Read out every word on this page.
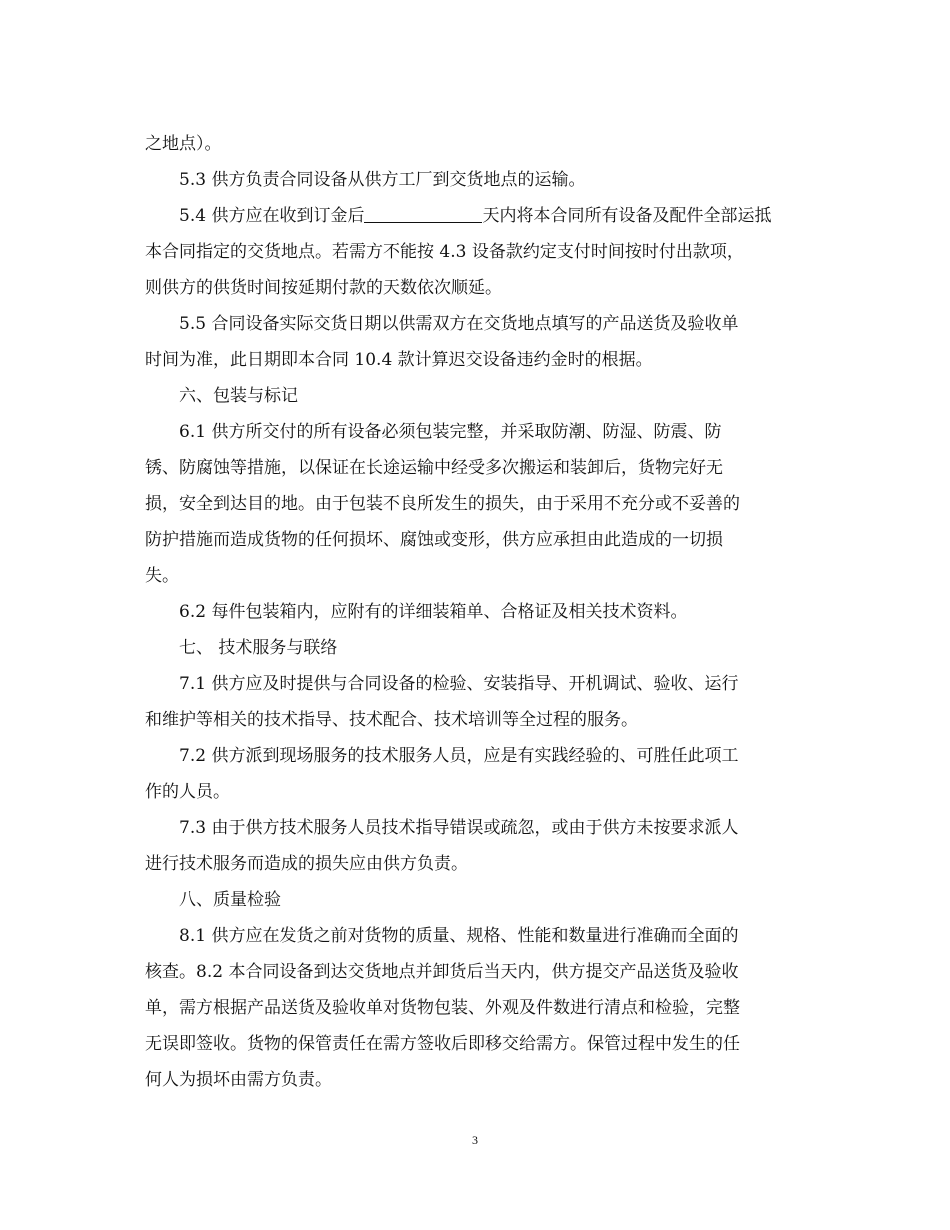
之地点）。
5.3 供方负责合同设备从供方工厂到交货地点的运输。
5.4 供方应在收到订金后	天内将本合同所有设备及配件全部运抵
本合同指定的交货地点。若需方不能按 4.3 设备款约定支付时间按时付出款项，
则供方的供货时间按延期付款的天数依次顺延。
5.5 合同设备实际交货日期以供需双方在交货地点填写的产品送货及验收单
时间为准，此日期即本合同 10.4 款计算迟交设备违约金时的根据。
六、包装与标记
6.1 供方所交付的所有设备必须包装完整，并采取防潮、防湿、防震、防
锈、防腐蚀等措施，以保证在长途运输中经受多次搬运和装卸后，货物完好无
损，安全到达目的地。由于包装不良所发生的损失，由于采用不充分或不妥善的
防护措施而造成货物的任何损坏、腐蚀或变形，供方应承担由此造成的一切损
失。
6.2 每件包装箱内，应附有的详细装箱单、合格证及相关技术资料。
七、 技术服务与联络
7.1 供方应及时提供与合同设备的检验、安装指导、开机调试、验收、运行
和维护等相关的技术指导、技术配合、技术培训等全过程的服务。
7.2 供方派到现场服务的技术服务人员，应是有实践经验的、可胜任此项工
作的人员。
7.3 由于供方技术服务人员技术指导错误或疏忽，或由于供方未按要求派人
进行技术服务而造成的损失应由供方负责。
八、质量检验
8.1 供方应在发货之前对货物的质量、规格、性能和数量进行准确而全面的
核查。8.2 本合同设备到达交货地点并卸货后当天内，供方提交产品送货及验收
单，需方根据产品送货及验收单对货物包装、外观及件数进行清点和检验，完整
无误即签收。货物的保管责任在需方签收后即移交给需方。保管过程中发生的任
何人为损坏由需方负责。
3
